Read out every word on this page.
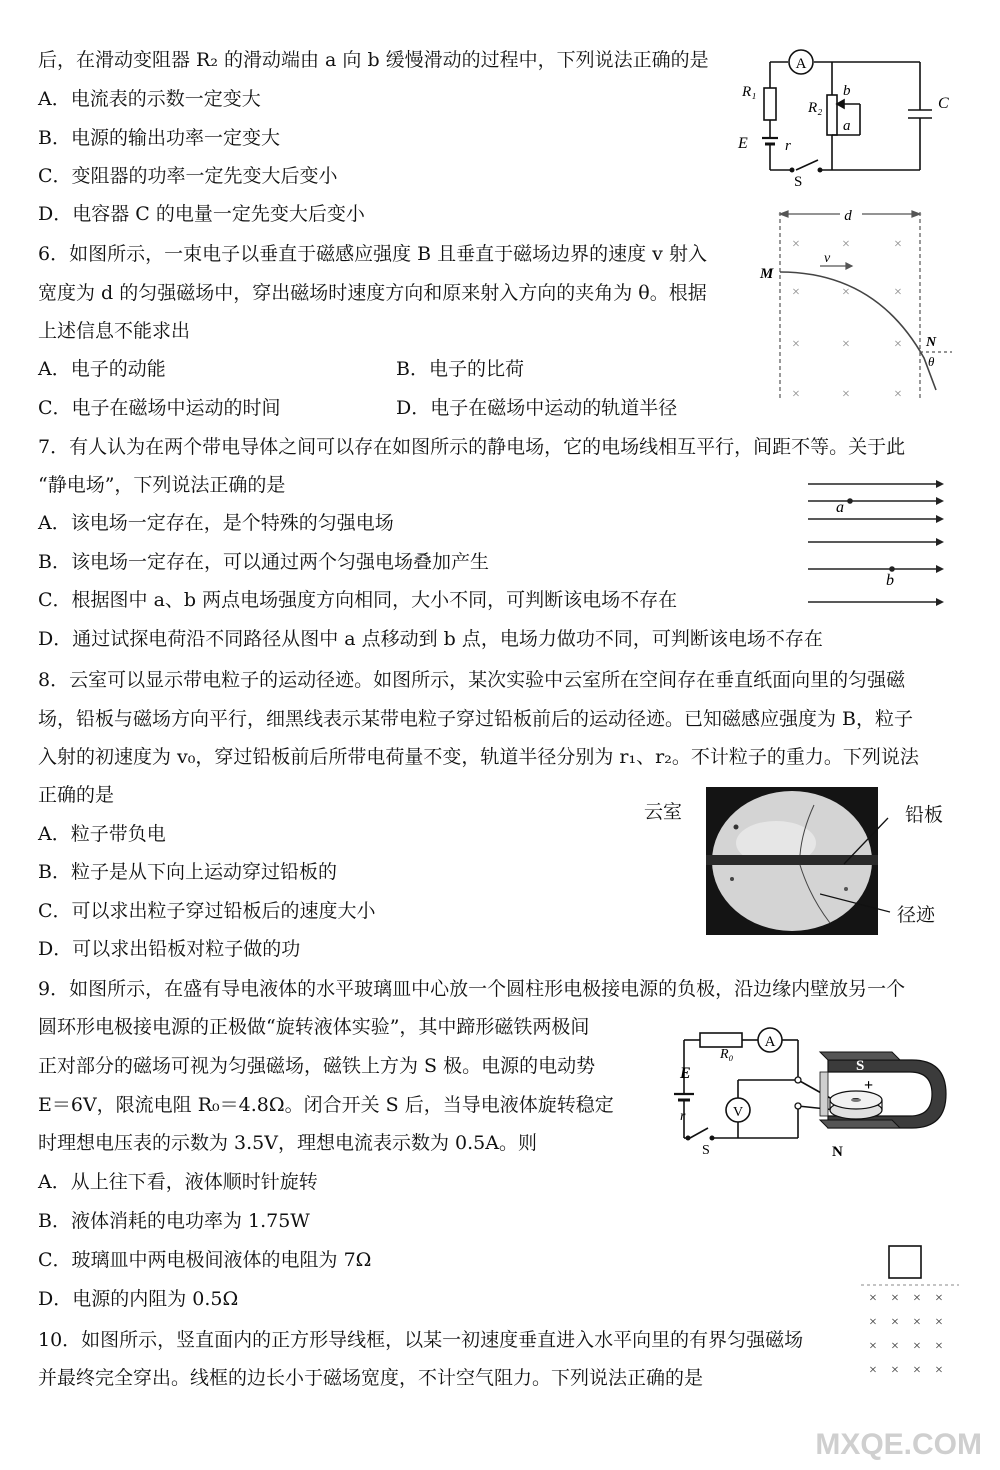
后，在滑动变阻器 R₂ 的滑动端由 a 向 b 缓慢滑动的过程中，下列说法正确的是
A．电流表的示数一定变大
B．电源的输出功率一定变大
C．变阻器的功率一定先变大后变小
D．电容器 C 的电量一定先变大后变小
A
R₁
R₂
b
a
C
E r
S
6．如图所示，一束电子以垂直于磁感应强度 B 且垂直于磁场边界的速度 v 射入
宽度为 d 的匀强磁场中，穿出磁场时速度方向和原来射入方向的夹角为 θ。根据
上述信息不能求出
A．电子的动能	B．电子的比荷
C．电子在磁场中运动的时间	D．电子在磁场中运动的轨道半径
×	×	×
×	×	×
×	×	×
×	×	×
d
M
v
N
θ
7．有人认为在两个带电导体之间可以存在如图所示的静电场，它的电场线相互平行，间距不等。关于此
“静电场”，下列说法正确的是
A．该电场一定存在，是个特殊的匀强电场
B．该电场一定存在，可以通过两个匀强电场叠加产生
C．根据图中 a、b 两点电场强度方向相同，大小不同，可判断该电场不存在
D．通过试探电荷沿不同路径从图中 a 点移动到 b 点，电场力做功不同，可判断该电场不存在
a
b
8．云室可以显示带电粒子的运动径迹。如图所示，某次实验中云室所在空间存在垂直纸面向里的匀强磁
场，铅板与磁场方向平行，细黑线表示某带电粒子穿过铅板前后的运动径迹。已知磁感应强度为 B，粒子
入射的初速度为 v₀，穿过铅板前后所带电荷量不变，轨道半径分别为 r₁、r₂。不计粒子的重力。下列说法
正确的是
A．粒子带负电
B．粒子是从下向上运动穿过铅板的
C．可以求出粒子穿过铅板后的速度大小
D．可以求出铅板对粒子做的功
云室	铅板
径迹
9．如图所示，在盛有导电液体的水平玻璃皿中心放一个圆柱形电极接电源的负极，沿边缘内壁放另一个
圆环形电极接电源的正极做“旋转液体实验”，其中蹄形磁铁两极间
正对部分的磁场可视为匀强磁场，磁铁上方为 S 极。电源的电动势
E＝6V，限流电阻 R₀＝4.8Ω。闭合开关 S 后，当导电液体旋转稳定
时理想电压表的示数为 3.5V，理想电流表示数为 0.5A。则
A．从上往下看，液体顺时针旋转
B．液体消耗的电功率为 1.75W
C．玻璃皿中两电极间液体的电阻为 7Ω
D．电源的内阻为 0.5Ω
A
V
R₀
E
r
S
S
N
+
−
10．如图所示，竖直面内的正方形导线框，以某一初速度垂直进入水平向里的有界匀强磁场
并最终完全穿出。线框的边长小于磁场宽度，不计空气阻力。下列说法正确的是
× × × ×
× × × ×
× × × ×
× × × ×
MXQE.COM
